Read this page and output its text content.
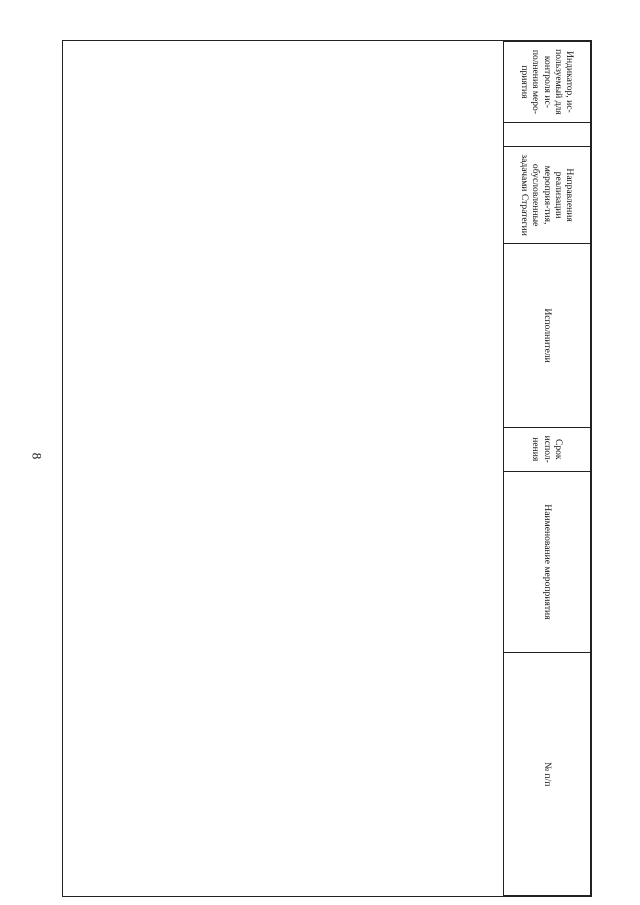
8
Индикатор, ис-пользуемый для контроля ис-полнения меро-приятия		Направления реализации мероприя-тия, обусловленные задачами Стратегии	Исполнители	Срок испол-нения	Наименование мероприятия	№ п/п
